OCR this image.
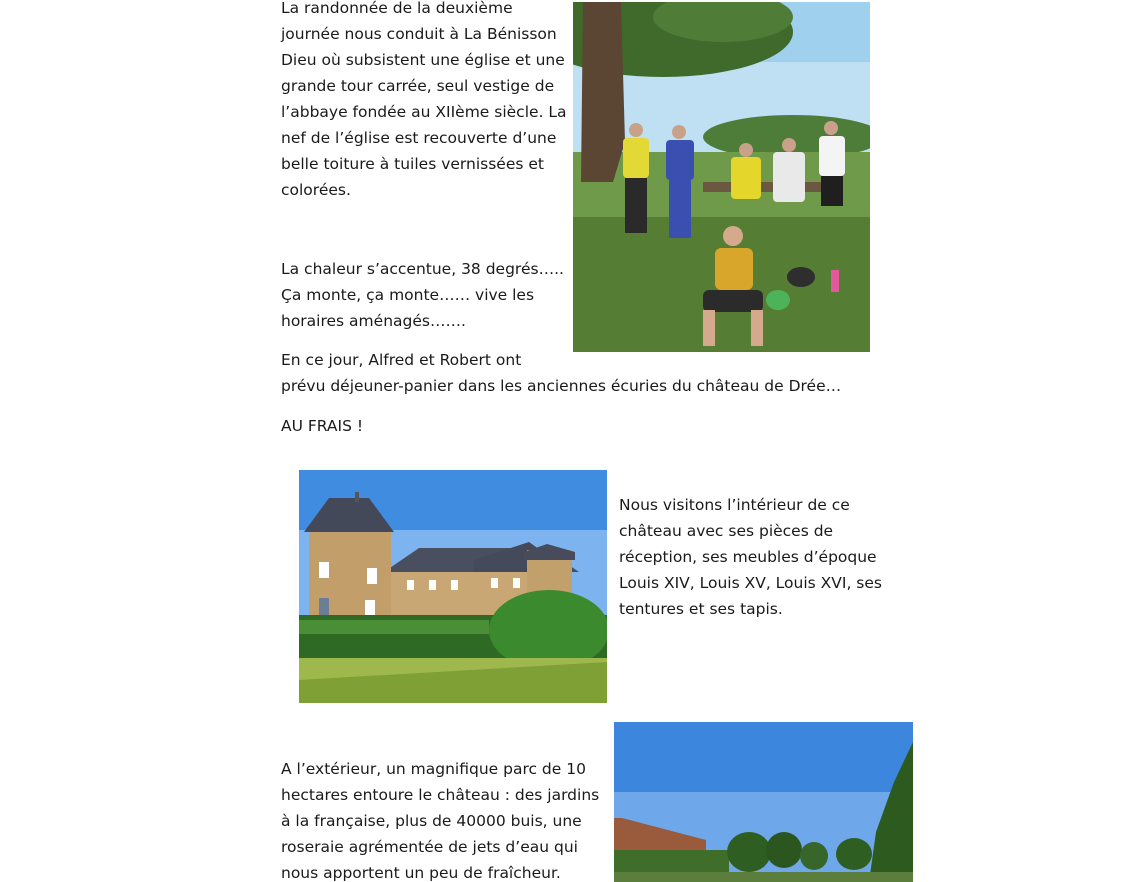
La randonnée de la deuxième
journée nous conduit à La Bénisson
Dieu où subsistent une église et une
grande tour carrée, seul vestige de
l’abbaye fondée au XIIème siècle. La
nef de l’église est recouverte d’une
belle toiture à tuiles vernissées et
colorées.
La chaleur s’accentue, 38 degrés…..
Ça monte, ça monte…… vive les
horaires aménagés…….
En ce jour, Alfred et Robert ont
prévu déjeuner-panier dans les anciennes écuries du château de Drée…
AU FRAIS !
Nous visitons l’intérieur de ce
château avec ses pièces de
réception, ses meubles d’époque
Louis XIV, Louis XV, Louis XVI, ses
tentures et ses tapis.
A l’extérieur, un magnifique parc de 10
hectares entoure le château : des jardins
à la française, plus de 40000 buis, une
roseraie agrémentée de jets d’eau qui
nous apportent un peu de fraîcheur.
